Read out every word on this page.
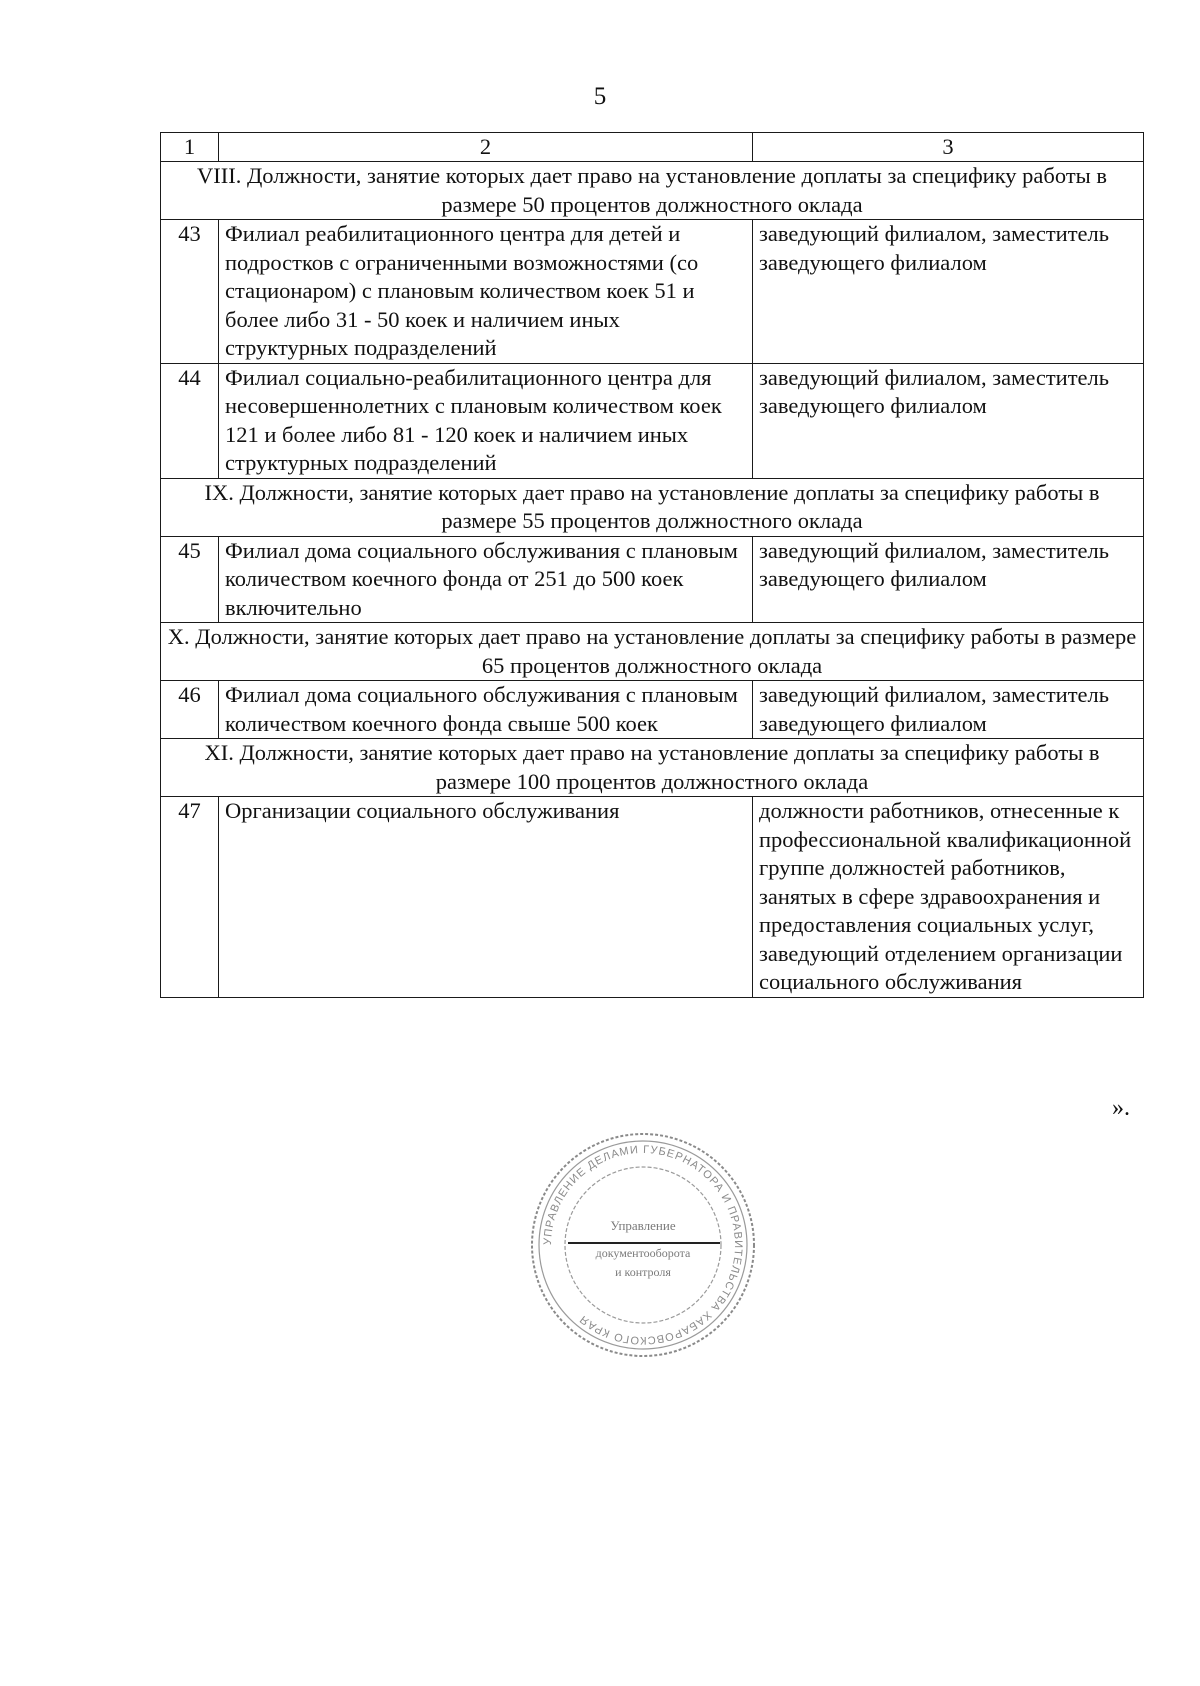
5
1	2	3
VIII. Должности, занятие которых дает право на установление доплаты за специфику работы в размере 50 процентов должностного оклада		
43	Филиал реабилитационного центра для детей и подростков с ограниченными возможностями (со стационаром) с плановым количеством коек 51 и более либо 31 - 50 коек и наличием иных структурных подразделений	заведующий филиалом, заместитель заведующего филиалом
44	Филиал социально-реабилитационного центра для несовершеннолетних с плановым количеством коек 121 и более либо 81 - 120 коек и наличием иных структурных подразделений	заведующий филиалом, заместитель заведующего филиалом
IX. Должности, занятие которых дает право на установление доплаты за специфику работы в размере 55 процентов должностного оклада		
45	Филиал дома социального обслуживания с плановым количеством коечного фонда от 251 до 500 коек включительно	заведующий филиалом, заместитель заведующего филиалом
X. Должности, занятие которых дает право на установление доплаты за специфику работы в размере 65 процентов должностного оклада		
46	Филиал дома социального обслуживания с плановым количеством коечного фонда свыше 500 коек	заведующий филиалом, заместитель заведующего филиалом
XI. Должности, занятие которых дает право на установление доплаты за специфику работы в размере 100 процентов должностного оклада		
47	Организации социального обслуживания	должности работников, отнесенные к профессиональной квалификационной группе должностей работников, занятых в сфере здравоохранения и предоставления социальных услуг, заведующий отделением организации социального обслуживания
».
УПРАВЛЕНИЕ ДЕЛАМИ ГУБЕРНАТОРА И ПРАВИТЕЛЬСТВА ХАБАРОВСКОГО КРАЯ
Управление
документооборота
и контроля
